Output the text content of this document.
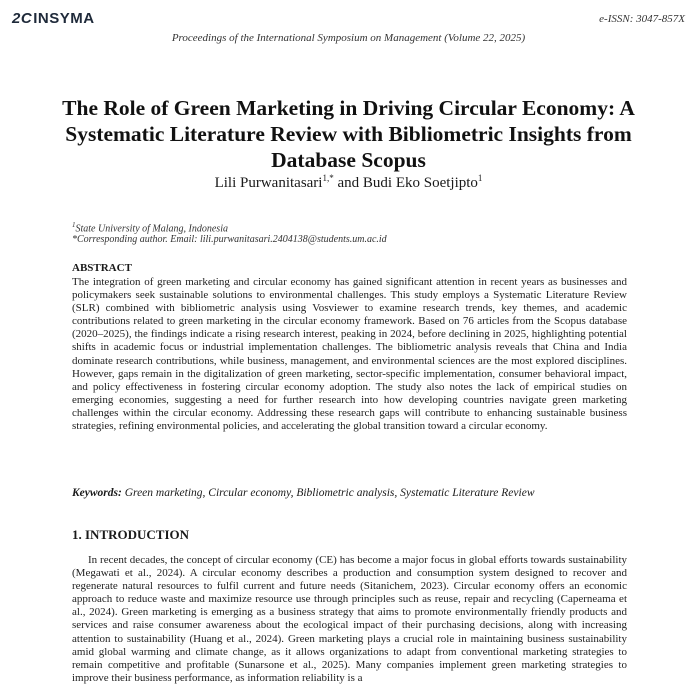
2CINSYMA	e-ISSN: 3047-857X
Proceedings of the International Symposium on Management (Volume 22, 2025)
The Role of Green Marketing in Driving Circular Economy: A Systematic Literature Review with Bibliometric Insights from Database Scopus
Lili Purwanitasari$^{1,*}$ and Budi Eko Soetjipto$^1$
$^1$State University of Malang, Indonesia
*Corresponding author. Email: lili.purwanitasari.2404138@students.um.ac.id
ABSTRACT
The integration of green marketing and circular economy has gained significant attention in recent years as businesses and policymakers seek sustainable solutions to environmental challenges. This study employs a Systematic Literature Review (SLR) combined with bibliometric analysis using Vosviewer to examine research trends, key themes, and academic contributions related to green marketing in the circular economy framework. Based on 76 articles from the Scopus database (2020–2025), the findings indicate a rising research interest, peaking in 2024, before declining in 2025, highlighting potential shifts in academic focus or industrial implementation challenges. The bibliometric analysis reveals that China and India dominate research contributions, while business, management, and environmental sciences are the most explored disciplines. However, gaps remain in the digitalization of green marketing, sector-specific implementation, consumer behavioral impact, and policy effectiveness in fostering circular economy adoption. The study also notes the lack of empirical studies on emerging economies, suggesting a need for further research into how developing countries navigate green marketing challenges within the circular economy. Addressing these research gaps will contribute to enhancing sustainable business strategies, refining environmental policies, and accelerating the global transition toward a circular economy.
Keywords: Green marketing, Circular economy, Bibliometric analysis, Systematic Literature Review
1. INTRODUCTION
In recent decades, the concept of circular economy (CE) has become a major focus in global efforts towards sustainability (Megawati et al., 2024). A circular economy describes a production and consumption system designed to recover and regenerate natural resources to fulfil current and future needs (Sitanichem, 2023). Circular economy offers an economic approach to reduce waste and maximize resource use through principles such as reuse, repair and recycling (Caperneama et al., 2024). Green marketing is emerging as a business strategy that aims to promote environmentally friendly products and services and raise consumer awareness about the ecological impact of their purchasing decisions, along with increasing attention to sustainability (Huang et al., 2024). Green marketing plays a crucial role in maintaining business sustainability amid global warming and climate change, as it allows organizations to adapt from conventional marketing strategies to remain competitive and profitable (Sunarsone et al., 2025). Many companies implement green marketing strategies to improve their business performance, as information reliability is a
